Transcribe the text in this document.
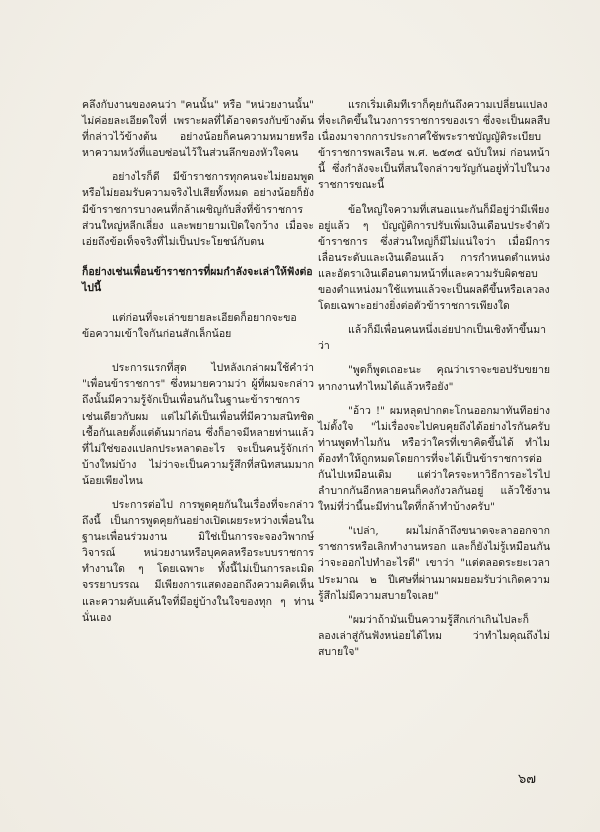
คลึงกับงานของคนว่า "คนนั้น" หรือ "หน่วยงานนั้น" ไม่ค่อยละเอียดใจที่ เพราะผลที่ได้อาจตรงกับข้างต้นที่กล่าวไว้ข้างต้น อย่างน้อยก็คนความหมายหรือหาความหวังที่แอบซ่อนไว้ในส่วนลึกของหัวใจคน

อย่างไรก็ดี มีข้าราชการทุกคนจะไม่ยอมพูดหรือไม่ยอมรับความจริงไปเสียทั้งหมด อย่างน้อยก็ยังมีข้าราชการบางคนที่กล้าเผชิญกับสิ่งที่ข้าราชการส่วนใหญ่หลีกเลี่ยง และพยายามเปิดใจกว้าง เมื่อจะเอ่ยถึงข้อเท็จจริงที่ไม่เป็นประโยชน์กับตน

ก็อย่างเช่นเพื่อนข้าราชการที่ผมกำลังจะเล่าให้ฟังต่อไปนี้

แต่ก่อนที่จะเล่าขยายละเอียดก็อยากจะขอข้อความเข้าใจกันก่อนสักเล็กน้อย

ประการแรกที่สุด ไปหลังเกล่าผมใช้คำว่า "เพื่อนข้าราชการ" ซึ่งหมายความว่า ผู้ที่ผมจะกล่าวถึงนั้นมีความรู้จักเป็นเพื่อนกันในฐานะข้าราชการ เช่นเดียวกับผม แต่ไม่ได้เป็นเพื่อนที่มีความสนิทชิดเชื้อกันเลยตั้งแต่ต้นมาก่อน ซึ่งก็อาจมีหลายท่านแล้วที่ไม่ใช่ของแปลกประหลาดอะไร จะเป็นคนรู้จักเก่าบ้างใหม่บ้าง ไม่ว่าจะเป็นความรู้สึกที่สนิทสนมมากน้อยเพียงไหน

ประการต่อไป การพูดคุยกันในเรื่องที่จะกล่าวถึงนี้ เป็นการพูดคุยกันอย่างเปิดเผยระหว่างเพื่อนในฐานะเพื่อนร่วมงาน มิใช่เป็นการจะจองวิพากษ์วิจารณ์ หน่วยงานหรือบุคคลหรือระบบราชการทำงานใด ๆ โดยเฉพาะ ทั้งนี้ไม่เป็นการละเมิดจรรยาบรรณ มีเพียงการแสดงออกถึงความคิดเห็นและความคับแค้นใจที่มีอยู่บ้างในใจของทุก ๆ ท่านนั่นเอง

แรกเริ่มเดิมทีเราก็คุยกันถึงความเปลี่ยนแปลงที่จะเกิดขึ้นในวงการราชการของเรา ซึ่งจะเป็นผลสืบเนื่องมาจากการประกาศใช้พระราชบัญญัติระเบียบข้าราชการพลเรือน พ.ศ. ๒๕๓๕ ฉบับใหม่ ก่อนหน้านี้ ซึ่งกำลังจะเป็นที่สนใจกล่าวขวัญกันอยู่ทั่วไปในวงราชการขณะนี้

ข้อใหญ่ใจความที่เสนอแนะกันก็มีอยู่ว่ามีเพียงอยู่แล้ว ๆ บัญญัติการปรับเพิ่มเงินเดือนประจำตัวข้าราชการ ซึ่งส่วนใหญ่ก็มีไม่แน่ใจว่า เมื่อมีการเลื่อนระดับและเงินเดือนแล้ว การกำหนดตำแหน่งและอัตราเงินเดือนตามหน้าที่และความรับผิดชอบของตำแหน่งมาใช้แทนแล้วจะเป็นผลดีขึ้นหรือเลวลง โดยเฉพาะอย่างยิ่งต่อตัวข้าราชการเพียงใด

แล้วก็มีเพื่อนคนหนึ่งเอ่ยปากเป็นเชิงท้าขึ้นมาว่า

"พูดก็พูดเถอะนะ คุณว่าเราจะขอปรับขยายหากงานทำไหมได้แล้วหรือยัง"

"อ้าว !" ผมหลุดปากตะโกนออกมาทันทีอย่างไม่ตั้งใจ "ไม่เรื่องจะไปคบคุยถึงได้อย่างไรกันครับ ท่านพูดทำไมกัน หรือว่าใครที่เขาคิดขึ้นได้ ทำไมต้องทำให้ถูกหมดโดยการที่จะได้เป็นข้าราชการต่อกันไปเหมือนเดิม แต่ว่าใครจะหาวิธีการอะไรไปลำบากกันอีกหลายคนก็คงกังวลกันอยู่ แล้วใช้งานใหม่ที่ว่านี้นะมีท่านใดที่กล้าทำบ้างครับ"

"เปล่า, ผมไม่กล้าถึงขนาดจะลาออกจากราชการหรือเลิกทำงานหรอก และก็ยังไม่รู้เหมือนกันว่าจะออกไปทำอะไรดี" เขาว่า "แต่ตลอดระยะเวลาประมาณ ๒ ปีเศษที่ผ่านมาผมยอมรับว่าเกิดความรู้สึกไม่มีความสบายใจเลย"

"ผมว่าถ้ามันเป็นความรู้สึกเก่าเกินไปละก็ ลองเล่าสู่กันฟังหน่อยได้ไหม ว่าทำไมคุณถึงไม่สบายใจ"

๖๗
